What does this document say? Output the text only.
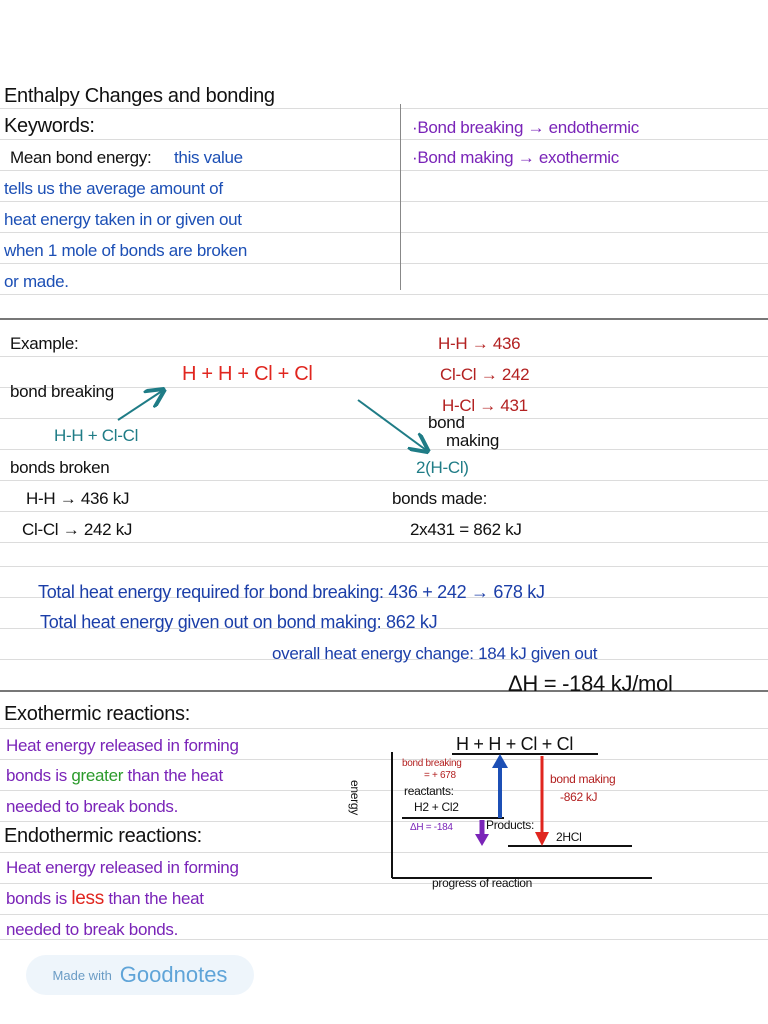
Enthalpy Changes and bonding
Keywords:
Mean bond energy: this value
tells us the average amount of
heat energy taken in or given out
when 1 mole of bonds are broken
or made.
·Bond breaking → endothermic
·Bond making → exothermic
Example:
H + H + Cl + Cl
bond breaking
H-H + Cl-Cl
H-H → 436
Cl-Cl → 242
H-Cl → 431
bond
making
2(H-Cl)
bonds broken
H-H → 436 kJ
Cl-Cl → 242 kJ
bonds made:
2x431 = 862 kJ
Total heat energy required for bond breaking: 436 + 242 → 678 kJ
Total heat energy given out on bond making: 862 kJ
overall heat energy change: 184 kJ given out
ΔH = -184 kJ/mol
Exothermic reactions:
Heat energy released in forming
bonds is greater than the heat
needed to break bonds.
Endothermic reactions:
Heat energy released in forming
bonds is less than the heat
needed to break bonds.
H + H + Cl + Cl
energy
progress of reaction
bond breaking
= + 678
reactants:
H2 + Cl2
ΔH = -184	Products:
2HCl
bond making
-862 kJ
Made with Goodnotes
